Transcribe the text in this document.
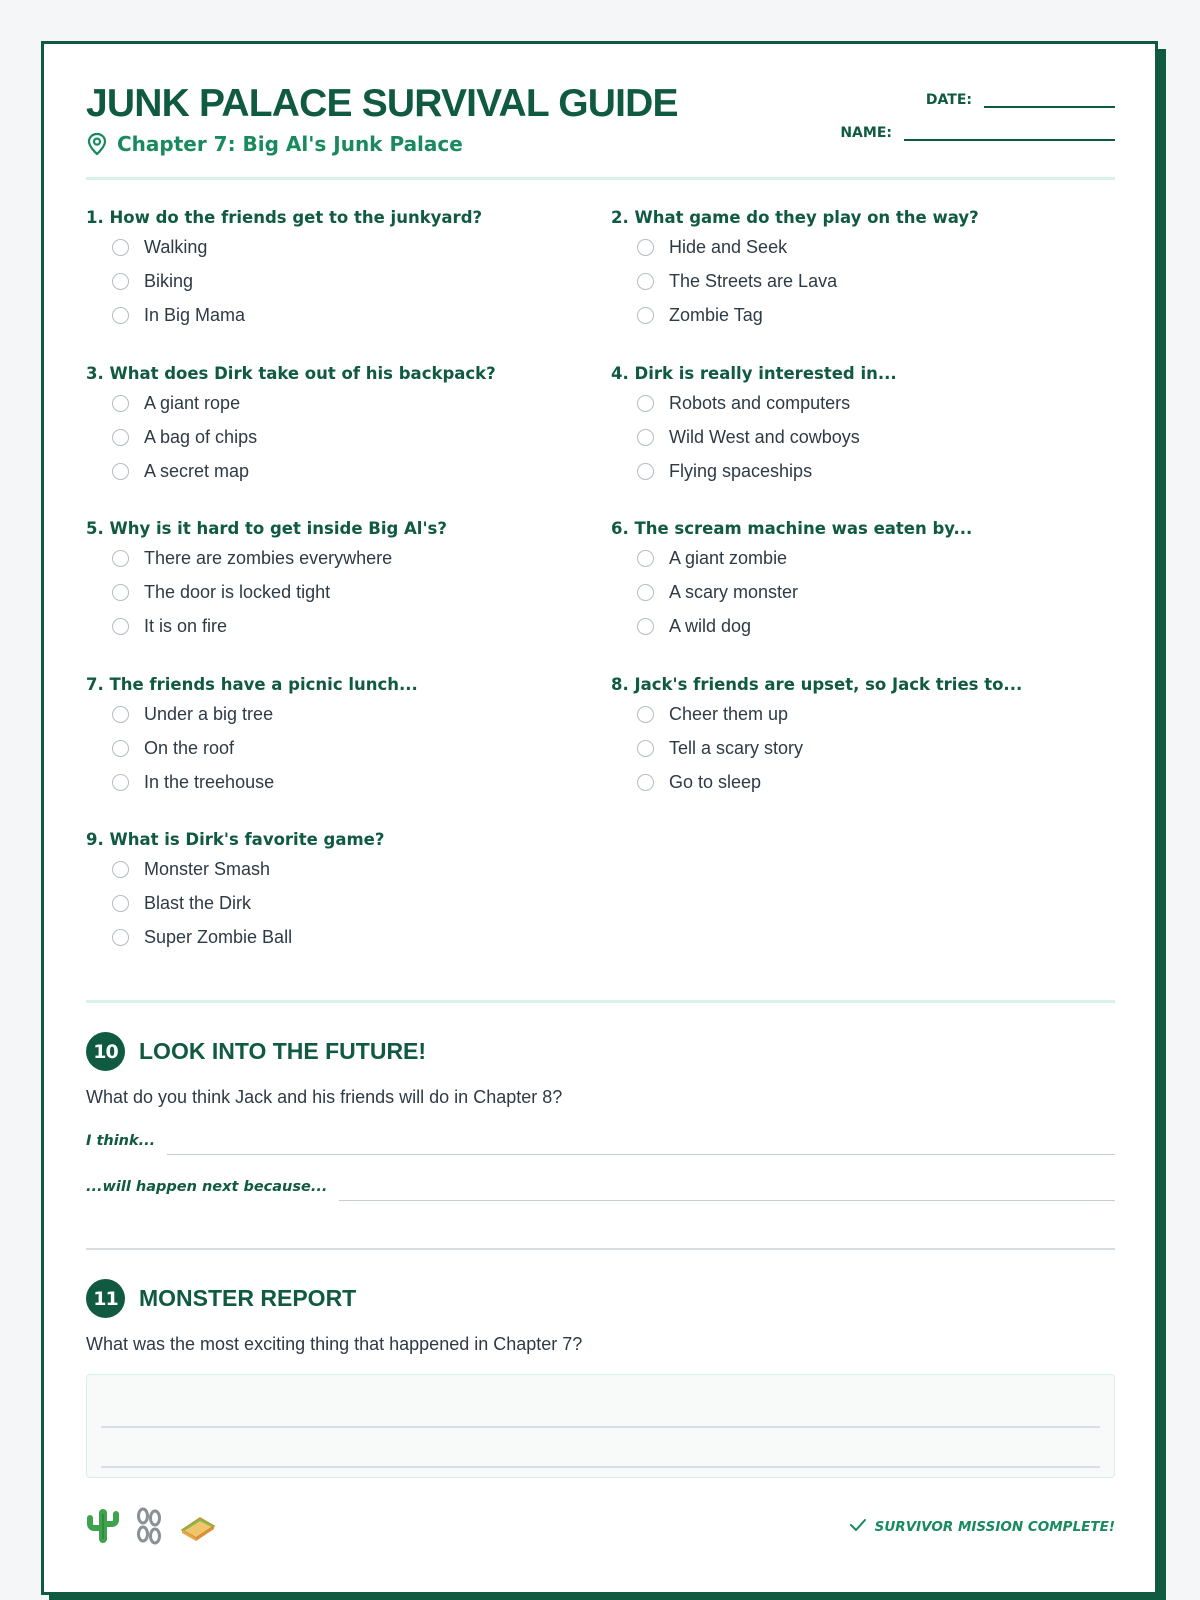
JUNK PALACE SURVIVAL GUIDE
Chapter 7: Big Al's Junk Palace
DATE:
NAME:
1. How do the friends get to the junkyard?
Walking
Biking
In Big Mama
2. What game do they play on the way?
Hide and Seek
The Streets are Lava
Zombie Tag
3. What does Dirk take out of his backpack?
A giant rope
A bag of chips
A secret map
4. Dirk is really interested in...
Robots and computers
Wild West and cowboys
Flying spaceships
5. Why is it hard to get inside Big Al's?
There are zombies everywhere
The door is locked tight
It is on fire
6. The scream machine was eaten by...
A giant zombie
A scary monster
A wild dog
7. The friends have a picnic lunch...
Under a big tree
On the roof
In the treehouse
8. Jack's friends are upset, so Jack tries to...
Cheer them up
Tell a scary story
Go to sleep
9. What is Dirk's favorite game?
Monster Smash
Blast the Dirk
Super Zombie Ball
10 LOOK INTO THE FUTURE!
What do you think Jack and his friends will do in Chapter 8?
I think...
...will happen next because...
11 MONSTER REPORT
What was the most exciting thing that happened in Chapter 7?
SURVIVOR MISSION COMPLETE!
